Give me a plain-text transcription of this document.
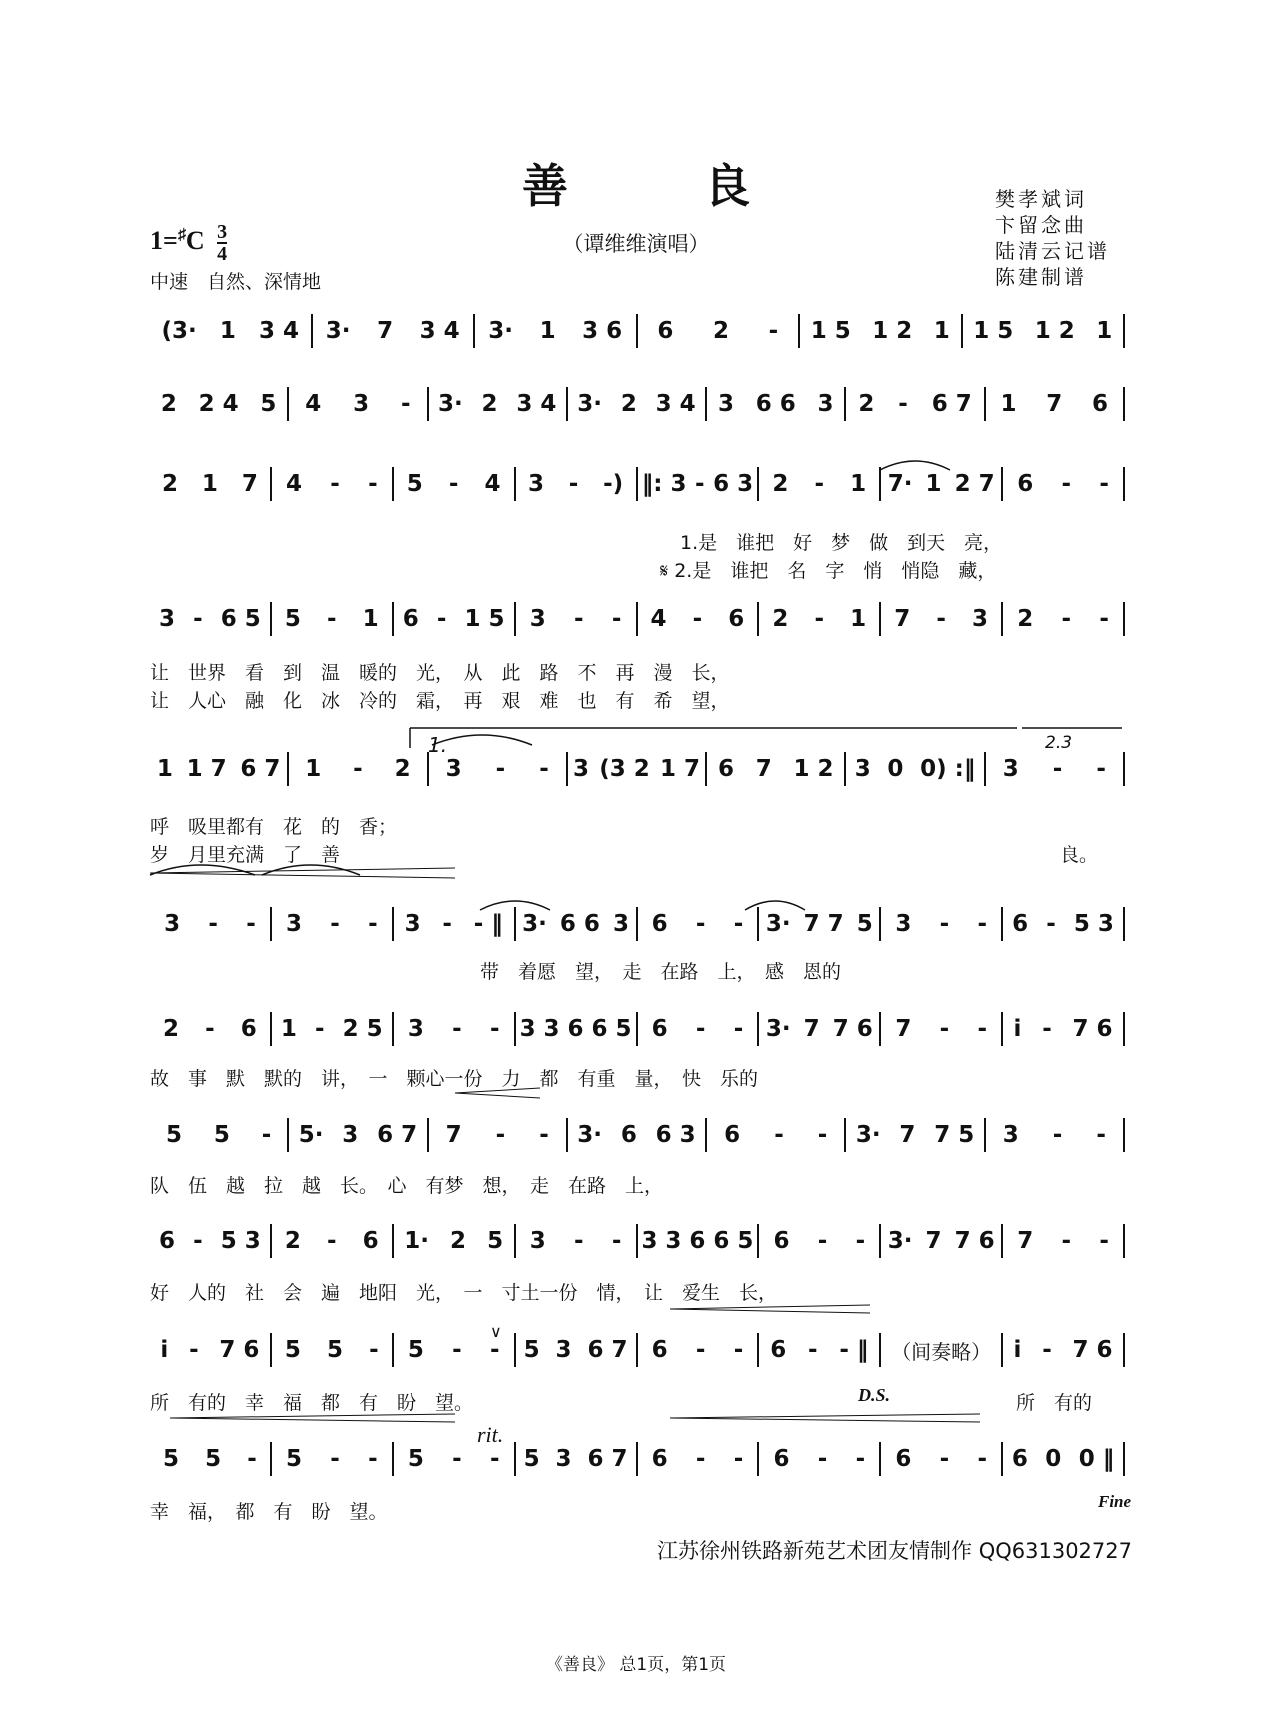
善 良
（谭维维演唱）
$1=^♯C \frac{3}{4}$
中速　自然、深情地
樊孝斌词
卞留念曲
陆清云记谱
陈建制谱
(3· 1 3 4 3· 7 3 4 3· 1 3 6 6 2 - 1 5 1 2 1 1 5 1 2 1
2 2 4 5 4 3 - 3· 2 3 4 3· 2 3 4 3 6 6 3 2 - 6 7 1 7 6
2 1 7 4 - - 5 - 4 3 - -) ‖: 3 - 6 3 2 - 1 7· 1 2 7 6 - -
3 - 6 5 5 - 1 6 - 1 5 3 - - 4 - 6 2 - 1 7 - 3 2 - -
1 1 7 6 7 1 - 2 3 - - 3 (3 2 1 7 6 7 1 2 3 0 0) :‖ 3 - -
3 - - 3 - - 3 - - ‖ 3· 6 6 3 6 - - 3· 7 7 5 3 - - 6 - 5 3
2 - 6 1 - 2 5 3 - - 3 3 6 6 5 6 - - 3· 7 7 6 7 - - i - 7 6
5 5 - 5· 3 6 7 7 - - 3· 6 6 3 6 - - 3· 7 7 5 3 - -
6 - 5 3 2 - 6 1· 2 5 3 - - 3 3 6 6 5 6 - - 3· 7 7 6 7 - -
i - 7 6 5 5 - 5 - - 5 3 6 7 6 - - 6 - - ‖ （间奏略） i - 7 6
5 5 - 5 - - 5 - - 5 3 6 7 6 - - 6 - - 6 - - 6 0 0 ‖
1.是　谁把　好　梦　做　到天　亮，
𝄋 2.是　谁把　名　字　悄　悄隐　藏，
让　世界　看　到　温　暖的　光，　从　此　路　不　再　漫　长，
让　人心　融　化　冰　冷的　霜，　再　艰　难　也　有　希　望，
呼　吸里都有　花　的　香；
岁　月里充满　了　善	良。
带　着愿　望，　走　在路　上，　感　恩的
故　事　默　默的　讲，　一　颗心一份　力　都　有重　量，　快　乐的
队　伍　越　拉　越　长。　心　有梦　想，　走　在路　上，
好　人的　社　会　遍　地阳　光，　一　寸土一份　情，　让　爱生　长，
所　有的　幸　福　都　有　盼　望。	所　有的
幸　福，　都　有　盼　望。
1.	2.3
D.S.
rit.
Fine
∨
江苏徐州铁路新苑艺术团友情制作 QQ631302727
《善良》 总1页，第1页
